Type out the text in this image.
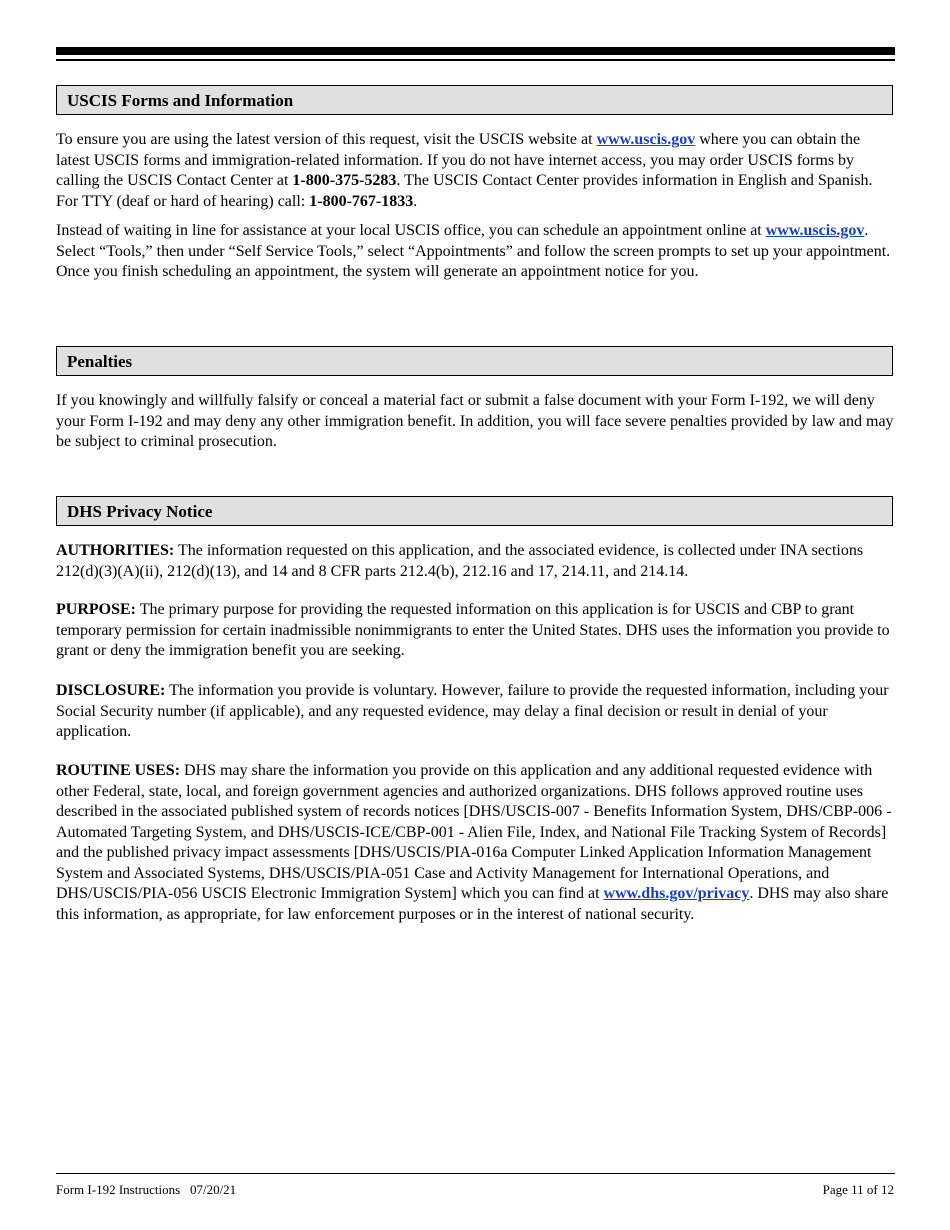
USCIS Forms and Information

To ensure you are using the latest version of this request, visit the USCIS website at www.uscis.gov where you can obtain the latest USCIS forms and immigration-related information. If you do not have internet access, you may order USCIS forms by calling the USCIS Contact Center at 1-800-375-5283. The USCIS Contact Center provides information in English and Spanish. For TTY (deaf or hard of hearing) call: 1-800-767-1833.

Instead of waiting in line for assistance at your local USCIS office, you can schedule an appointment online at www.uscis.gov. Select “Tools,” then under “Self Service Tools,” select “Appointments” and follow the screen prompts to set up your appointment. Once you finish scheduling an appointment, the system will generate an appointment notice for you.

Penalties

If you knowingly and willfully falsify or conceal a material fact or submit a false document with your Form I-192, we will deny your Form I-192 and may deny any other immigration benefit. In addition, you will face severe penalties provided by law and may be subject to criminal prosecution.

DHS Privacy Notice

AUTHORITIES: The information requested on this application, and the associated evidence, is collected under INA sections 212(d)(3)(A)(ii), 212(d)(13), and 14 and 8 CFR parts 212.4(b), 212.16 and 17, 214.11, and 214.14.

PURPOSE: The primary purpose for providing the requested information on this application is for USCIS and CBP to grant temporary permission for certain inadmissible nonimmigrants to enter the United States. DHS uses the information you provide to grant or deny the immigration benefit you are seeking.

DISCLOSURE: The information you provide is voluntary. However, failure to provide the requested information, including your Social Security number (if applicable), and any requested evidence, may delay a final decision or result in denial of your application.

ROUTINE USES: DHS may share the information you provide on this application and any additional requested evidence with other Federal, state, local, and foreign government agencies and authorized organizations. DHS follows approved routine uses described in the associated published system of records notices [DHS/USCIS-007 - Benefits Information System, DHS/CBP-006 -Automated Targeting System, and DHS/USCIS-ICE/CBP-001 - Alien File, Index, and National File Tracking System of Records] and the published privacy impact assessments [DHS/USCIS/PIA-016a Computer Linked Application Information Management System and Associated Systems, DHS/USCIS/PIA-051 Case and Activity Management for International Operations, and DHS/USCIS/PIA-056 USCIS Electronic Immigration System] which you can find at www.dhs.gov/privacy. DHS may also share this information, as appropriate, for law enforcement purposes or in the interest of national security.

Form I-192 Instructions   07/20/21	Page 11 of 12
